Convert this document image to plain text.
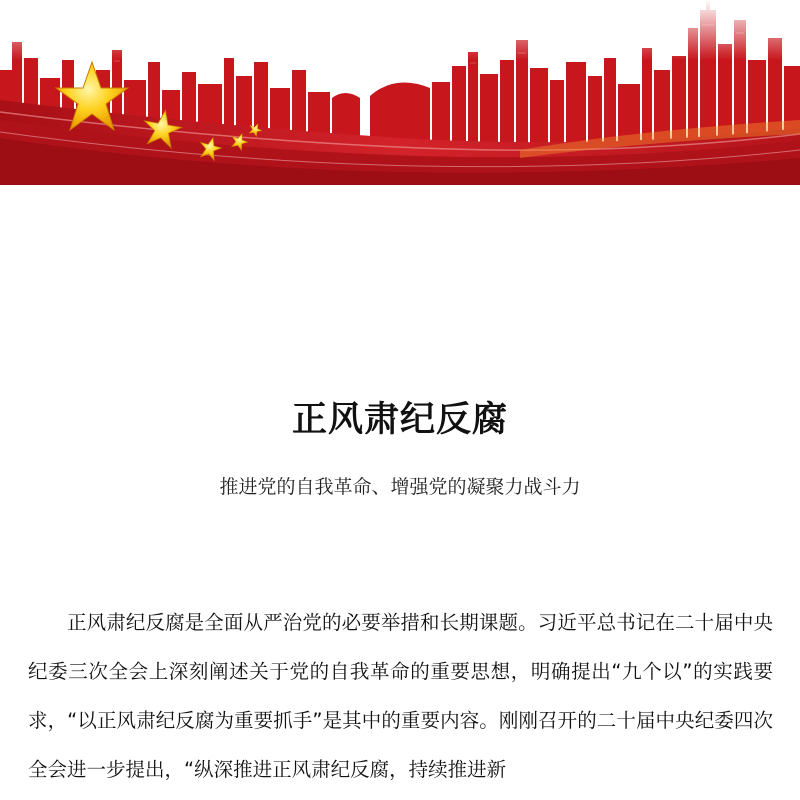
正风肃纪反腐
推进党的自我革命、增强党的凝聚力战斗力

正风肃纪反腐是全面从严治党的必要举措和长期课题。习近平总书记在二十届中央纪委三次全会上深刻阐述关于党的自我革命的重要思想，明确提出“九个以”的实践要求，“以正风肃纪反腐为重要抓手”是其中的重要内容。刚刚召开的二十届中央纪委四次全会进一步提出，“纵深推进正风肃纪反腐，持续推进新
